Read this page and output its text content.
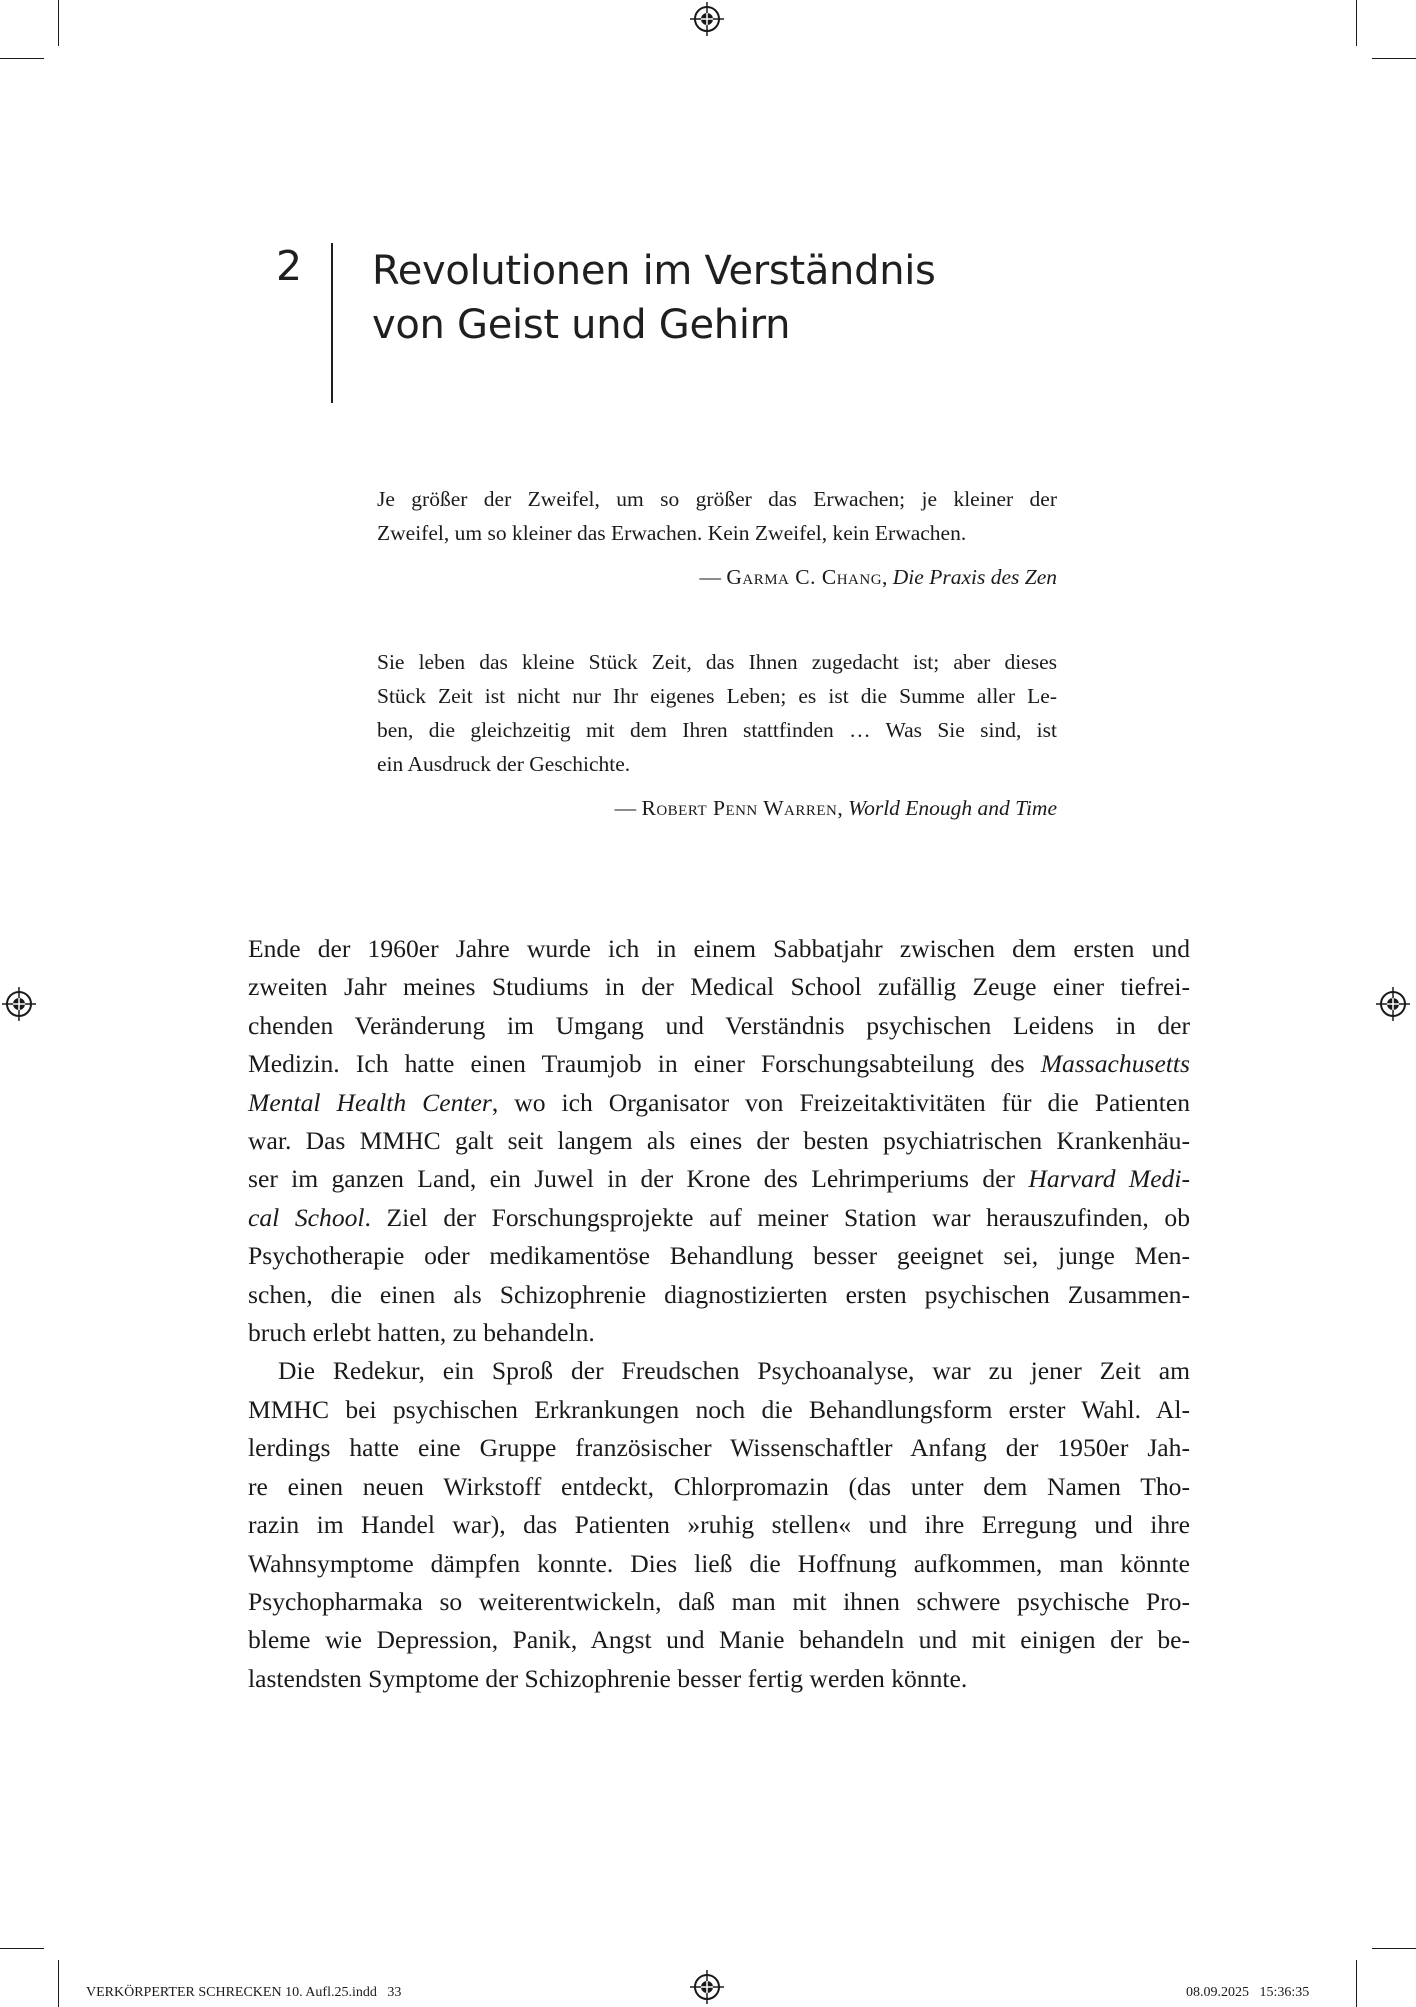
2 Revolutionen im Verständnis
von Geist und Gehirn
Je größer der Zweifel, um so größer das Erwachen; je kleiner der
Zweifel, um so kleiner das Erwachen. Kein Zweifel, kein Erwachen.
— Garma C. Chang, Die Praxis des Zen
Sie leben das kleine Stück Zeit, das Ihnen zugedacht ist; aber dieses
Stück Zeit ist nicht nur Ihr eigenes Leben; es ist die Summe aller Le-
ben, die gleichzeitig mit dem Ihren stattfinden … Was Sie sind, ist
ein Ausdruck der Geschichte.
— Robert Penn Warren, World Enough and Time
Ende der 1960er Jahre wurde ich in einem Sabbatjahr zwischen dem ersten und
zweiten Jahr meines Studiums in der Medical School zufällig Zeuge einer tiefrei-
chenden Veränderung im Umgang und Verständnis psychischen Leidens in der
Medizin. Ich hatte einen Traumjob in einer Forschungsabteilung des Massachusetts
Mental Health Center, wo ich Organisator von Freizeitaktivitäten für die Patienten
war. Das MMHC galt seit langem als eines der besten psychiatrischen Krankenhäu-
ser im ganzen Land, ein Juwel in der Krone des Lehrimperiums der Harvard Medi-
cal School. Ziel der Forschungsprojekte auf meiner Station war herauszufinden, ob
Psychotherapie oder medikamentöse Behandlung besser geeignet sei, junge Men-
schen, die einen als Schizophrenie diagnostizierten ersten psychischen Zusammen-
bruch erlebt hatten, zu behandeln.
Die Redekur, ein Sproß der Freudschen Psychoanalyse, war zu jener Zeit am
MMHC bei psychischen Erkrankungen noch die Behandlungsform erster Wahl. Al-
lerdings hatte eine Gruppe französischer Wissenschaftler Anfang der 1950er Jah-
re einen neuen Wirkstoff entdeckt, Chlorpromazin (das unter dem Namen Tho-
razin im Handel war), das Patienten »ruhig stellen« und ihre Erregung und ihre
Wahnsymptome dämpfen konnte. Dies ließ die Hoffnung aufkommen, man könnte
Psychopharmaka so weiterentwickeln, daß man mit ihnen schwere psychische Pro-
bleme wie Depression, Panik, Angst und Manie behandeln und mit einigen der be-
lastendsten Symptome der Schizophrenie besser fertig werden könnte.
VERKÖRPERTER SCHRECKEN 10. Aufl.25.indd   33	08.09.2025   15:36:35
